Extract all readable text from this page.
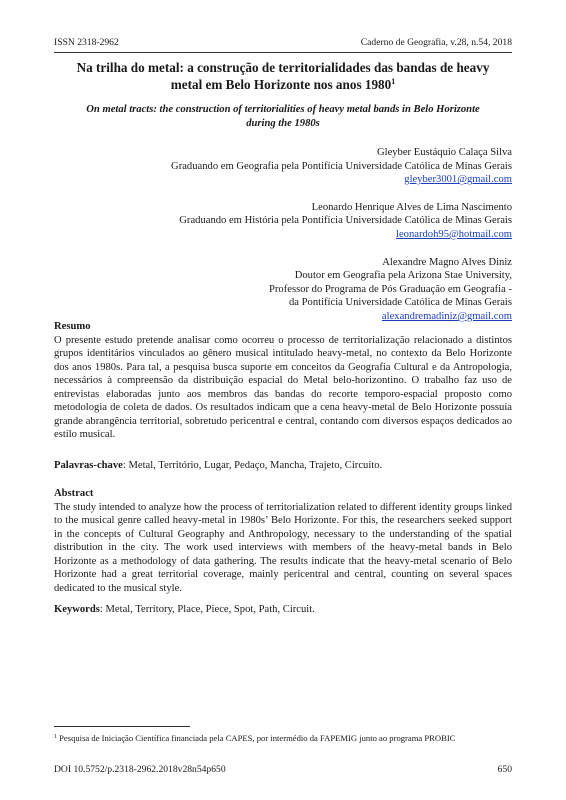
ISSN 2318-2962	Caderno de Geografia, v.28, n.54, 2018
Na trilha do metal: a construção de territorialidades das bandas de heavy metal em Belo Horizonte nos anos 1980$^1$
On metal tracts: the construction of territorialities of heavy metal bands in Belo Horizonte during the 1980s
Gleyber Eustáquio Calaça Silva
Graduando em Geografia pela Pontifícia Universidade Católica de Minas Gerais
gleyber3001@gmail.com
Leonardo Henrique Alves de Lima Nascimento
Graduando em História pela Pontifícia Universidade Católica de Minas Gerais
leonardoh95@hotmail.com
Alexandre Magno Alves Diniz
Doutor em Geografia pela Arizona Stae University,
Professor do Programa de Pós Graduação em Geografia -
da Pontifícia Universidade Católica de Minas Gerais
alexandremadiniz@gmail.com
Resumo
O presente estudo pretende analisar como ocorreu o processo de territorialização relacionado a distintos grupos identitários vinculados ao gênero musical intitulado heavy-metal, no contexto da Belo Horizonte dos anos 1980s. Para tal, a pesquisa busca suporte em conceitos da Geografia Cultural e da Antropologia, necessários à compreensão da distribuição espacial do Metal belo-horizontino. O trabalho faz uso de entrevistas elaboradas junto aos membros das bandas do recorte temporo-espacial proposto como metodologia de coleta de dados. Os resultados indicam que a cena heavy-metal de Belo Horizonte possuía grande abrangência territorial, sobretudo pericentral e central, contando com diversos espaços dedicados ao estilo musical.
Palavras-chave: Metal, Território, Lugar, Pedaço, Mancha, Trajeto, Circuito.
Abstract
The study intended to analyze how the process of territorialization related to different identity groups linked to the musical genre called heavy-metal in 1980s’ Belo Horizonte. For this, the researchers seeked support in the concepts of Cultural Geography and Anthropology, necessary to the understanding of the spatial distribution in the city. The work used interviews with members of the heavy-metal bands in Belo Horizonte as a methodology of data gathering. The results indicate that the heavy-metal scenario of Belo Horizonte had a great territorial coverage, mainly pericentral and central, counting on several spaces dedicated to the musical style.
Keywords: Metal, Territory, Place, Piece, Spot, Path, Circuit.
$^1$ Pesquisa de Iniciação Científica financiada pela CAPES, por intermédio da FAPEMIG junto ao programa PROBIC
DOI 10.5752/p.2318-2962.2018v28n54p650	650
